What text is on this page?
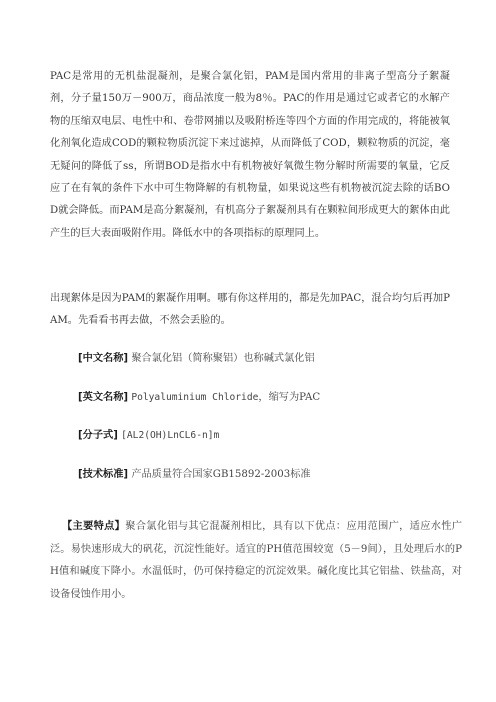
PAC是常用的无机盐混凝剂，是聚合氯化铝，PAM是国内常用的非离子型高分子絮凝剂，分子量150万－900万，商品浓度一般为8％。PAC的作用是通过它或者它的水解产物的压缩双电层、电性中和、卷带网捕以及吸附桥连等四个方面的作用完成的，将能被氧化剂氧化造成COD的颗粒物质沉淀下来过滤掉，从而降低了COD，颗粒物质的沉淀，毫无疑问的降低了ss，所谓BOD是指水中有机物被好氧微生物分解时所需要的氧量，它反应了在有氧的条件下水中可生物降解的有机物量，如果说这些有机物被沉淀去除的话BOD就会降低。而PAM是高分絮凝剂，有机高分子絮凝剂具有在颗粒间形成更大的絮体由此产生的巨大表面吸附作用。降低水中的各项指标的原理同上。

出现絮体是因为PAM的絮凝作用啊。哪有你这样用的，都是先加PAC，混合均匀后再加PAM。先看看书再去做，不然会丢脸的。

[中文名称] 聚合氯化铝（简称聚铝）也称碱式氯化铝
[英文名称] Polyaluminium Chloride，缩写为PAC
[分子式] [AL2(OH)LnCL6-n]m
[技术标准] 产品质量符合国家GB15892-2003标准

【主要特点】聚合氯化铝与其它混凝剂相比，具有以下优点：应用范围广，适应水性广泛。易快速形成大的矾花，沉淀性能好。适宜的PH值范围较宽（5－9间），且处理后水的PH值和碱度下降小。水温低时，仍可保持稳定的沉淀效果。碱化度比其它铝盐、铁盐高，对设备侵蚀作用小。
